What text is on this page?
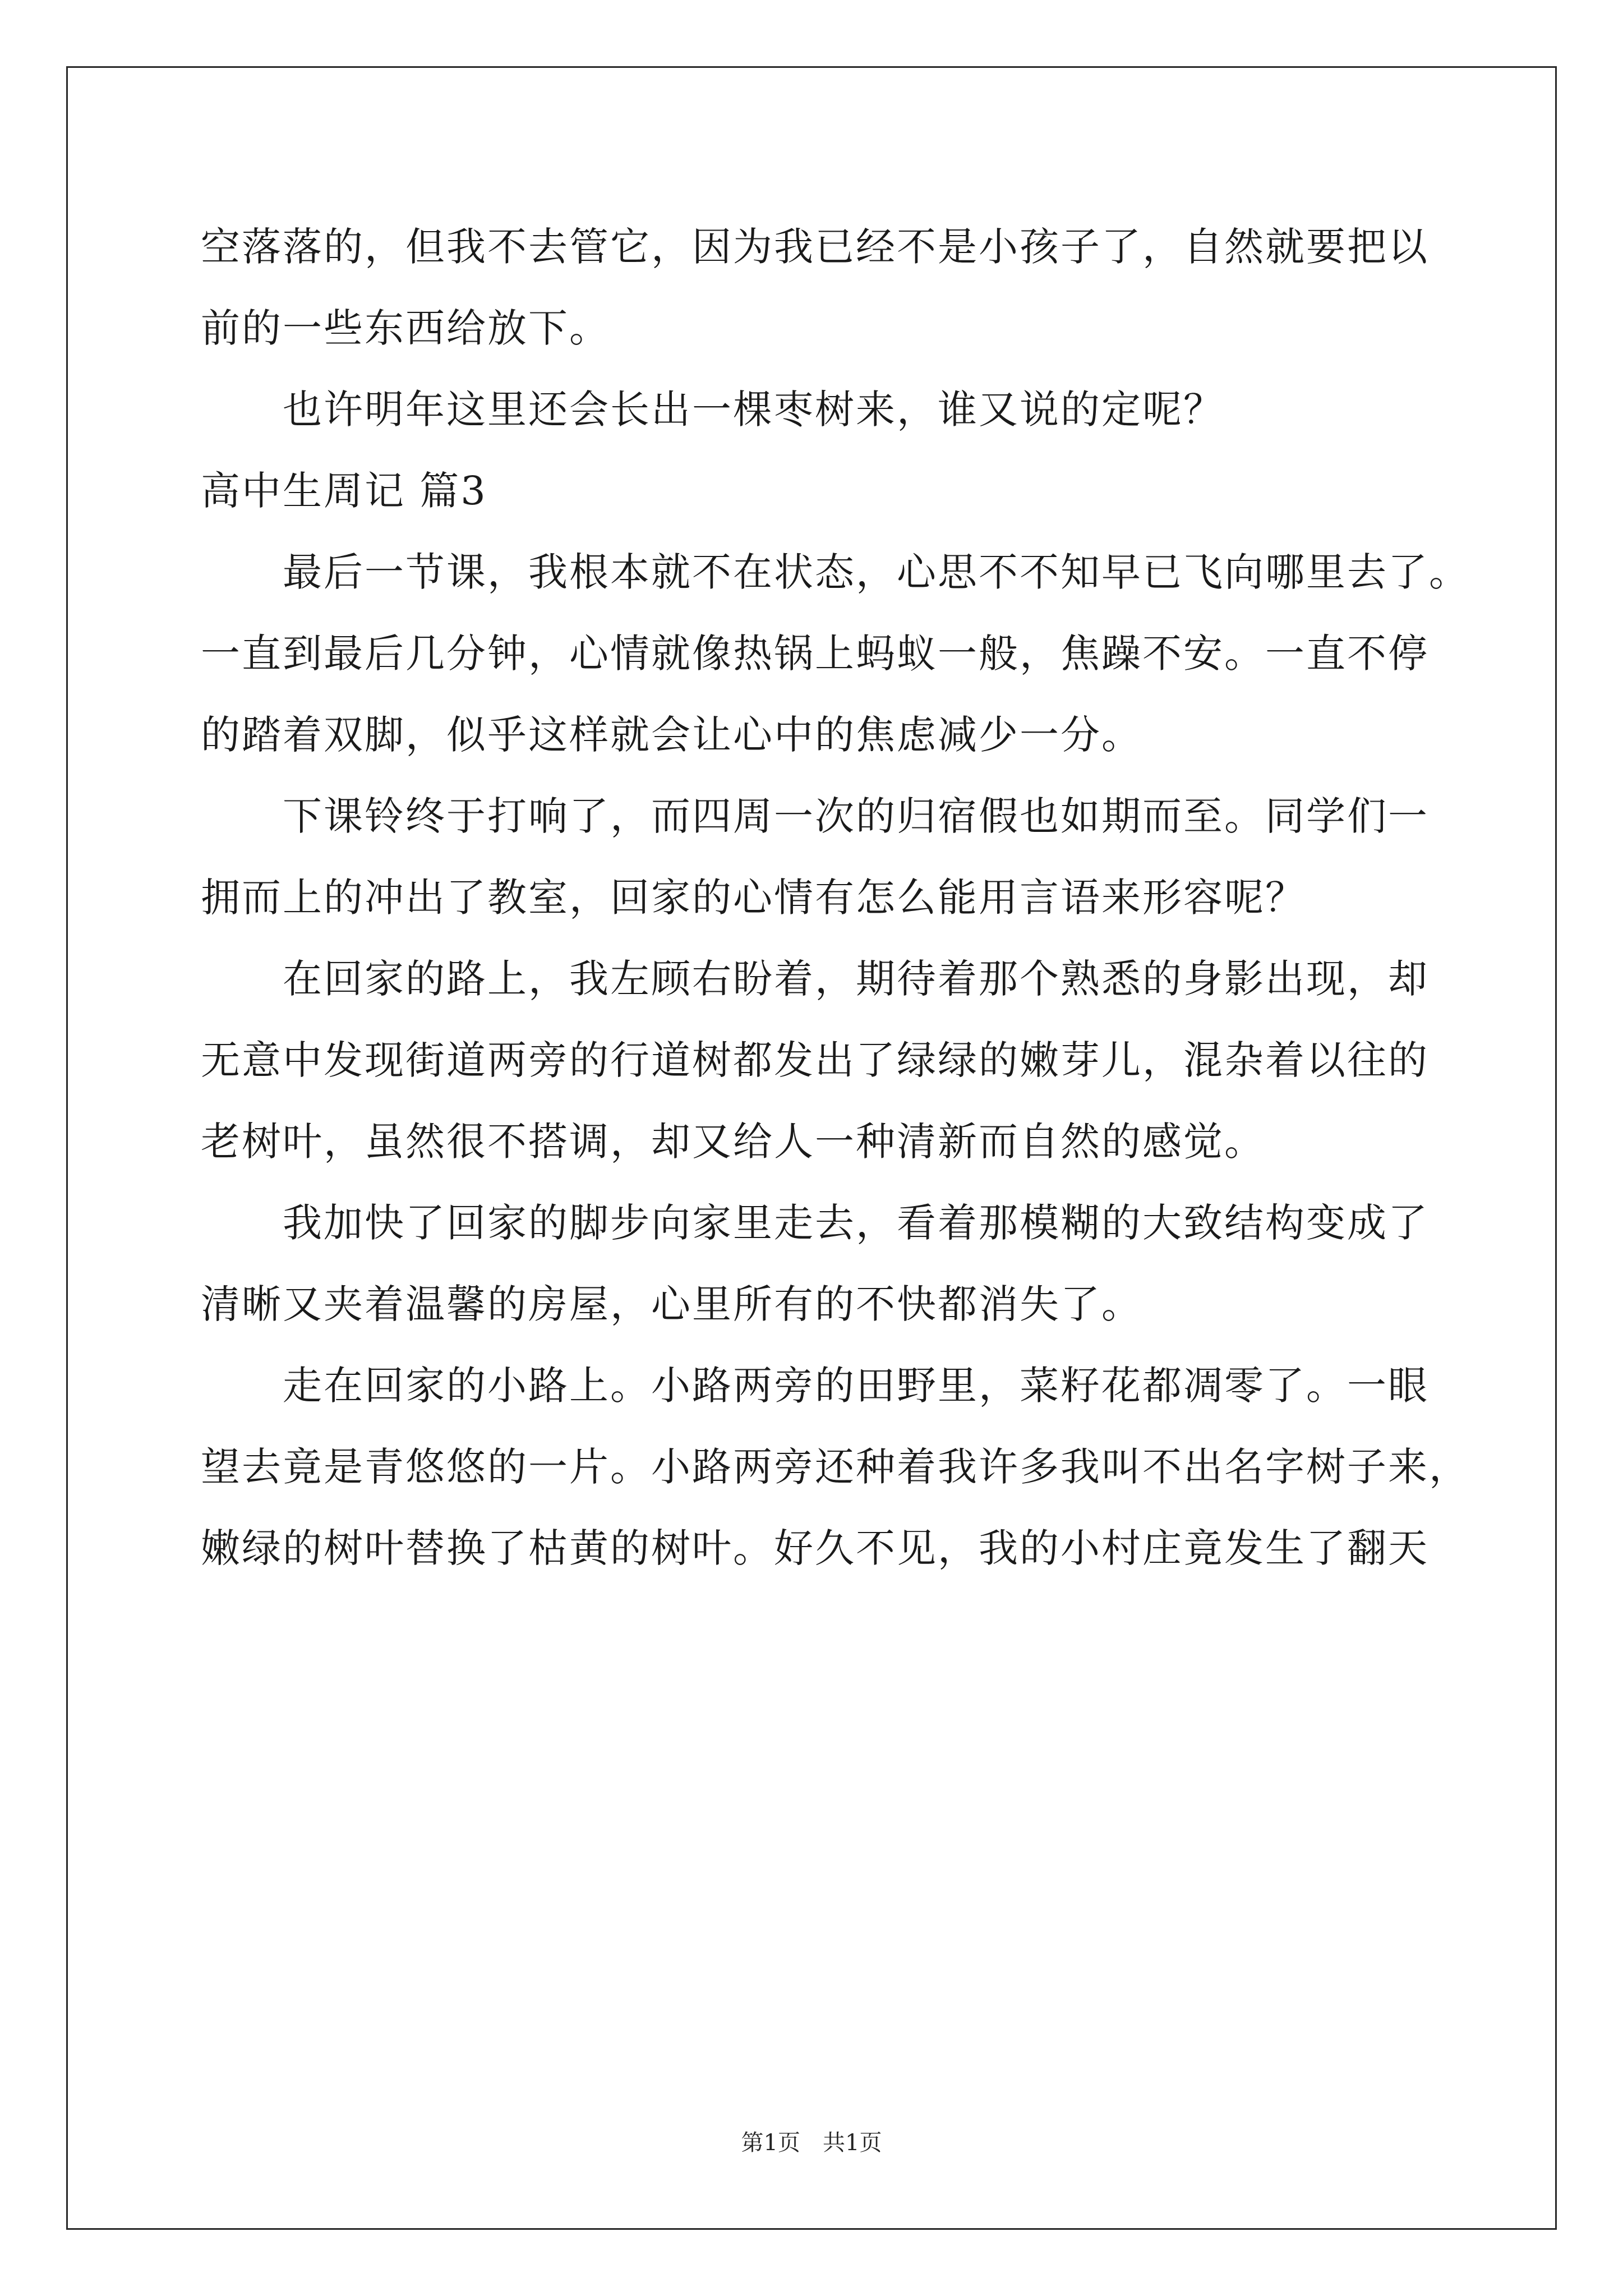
空落落的，但我不去管它，因为我已经不是小孩子了，自然就要把以
前的一些东西给放下。
也许明年这里还会长出一棵枣树来，谁又说的定呢？
高中生周记 篇3
最后一节课，我根本就不在状态，心思不不知早已飞向哪里去了。
一直到最后几分钟，心情就像热锅上蚂蚁一般，焦躁不安。一直不停
的踏着双脚，似乎这样就会让心中的焦虑减少一分。
下课铃终于打响了，而四周一次的归宿假也如期而至。同学们一
拥而上的冲出了教室，回家的心情有怎么能用言语来形容呢？
在回家的路上，我左顾右盼着，期待着那个熟悉的身影出现，却
无意中发现街道两旁的行道树都发出了绿绿的嫩芽儿，混杂着以往的
老树叶，虽然很不搭调，却又给人一种清新而自然的感觉。
我加快了回家的脚步向家里走去，看着那模糊的大致结构变成了
清晰又夹着温馨的房屋，心里所有的不快都消失了。
走在回家的小路上。小路两旁的田野里，菜籽花都凋零了。一眼
望去竟是青悠悠的一片。小路两旁还种着我许多我叫不出名字树子来，
嫩绿的树叶替换了枯黄的树叶。好久不见，我的小村庄竟发生了翻天
第1页　共1页
